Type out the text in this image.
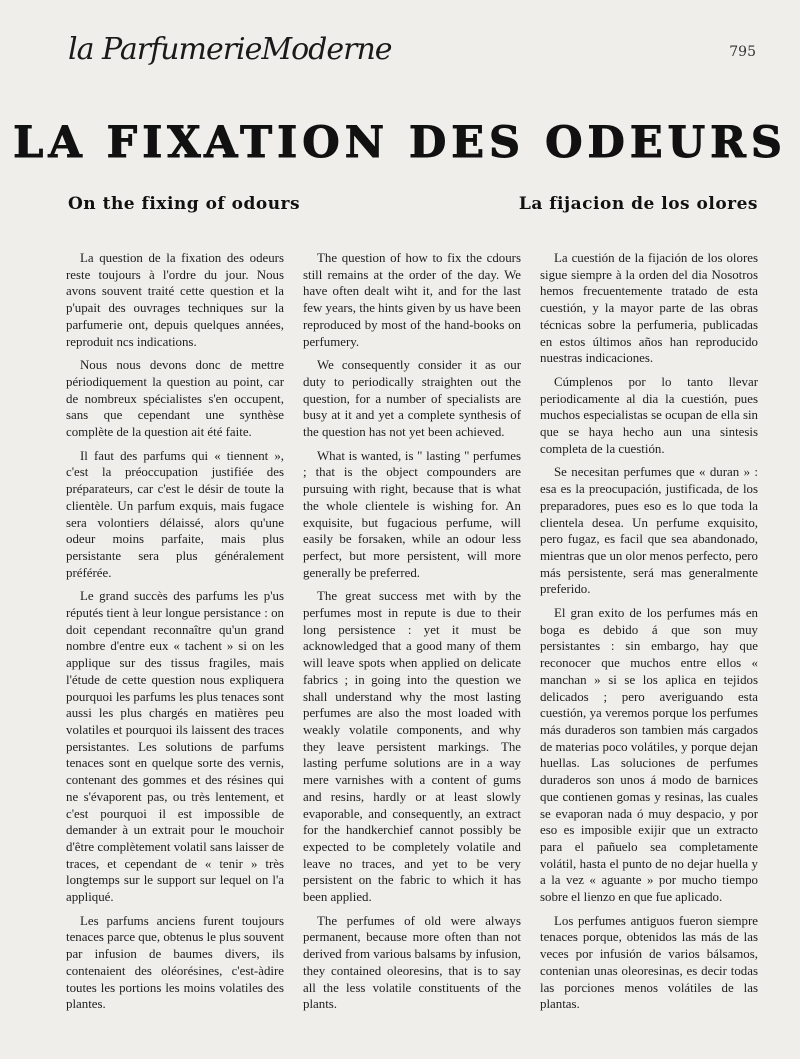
la ParfumerieModerne	795
LA FIXATION DES ODEURS
On the fixing of odours	La fijacion de los olores

La question de la fixation des odeurs reste toujours à l'ordre du jour. Nous avons souvent traité cette question et la p'upait des ouvrages techniques sur la parfumerie ont, depuis quelques années, reproduit ncs indications.

Nous nous devons donc de mettre périodiquement la question au point, car de nombreux spécialistes s'en occupent, sans que cependant une synthèse complète de la question ait été faite.

Il faut des parfums qui « tiennent », c'est la préoccupation justifiée des préparateurs, car c'est le désir de toute la clientèle. Un parfum exquis, mais fugace sera volontiers délaissé, alors qu'une odeur moins parfaite, mais plus persistante sera plus généralement préférée.

Le grand succès des parfums les p'us réputés tient à leur longue persistance : on doit cependant reconnaître qu'un grand nombre d'entre eux « tachent » si on les applique sur des tissus fragiles, mais l'étude de cette question nous expliquera pourquoi les parfums les plus tenaces sont aussi les plus chargés en matières peu volatiles et pourquoi ils laissent des traces persistantes. Les solutions de parfums tenaces sont en quelque sorte des vernis, contenant des gommes et des résines qui ne s'évaporent pas, ou très lentement, et c'est pourquoi il est impossible de demander à un extrait pour le mouchoir d'être complètement volatil sans laisser de traces, et cependant de « tenir » très longtemps sur le support sur lequel on l'a appliqué.

Les parfums anciens furent toujours tenaces parce que, obtenus le plus souvent par infusion de baumes divers, ils contenaient des oléorésines, c'est-àdire toutes les portions les moins volatiles des plantes.

The question of how to fix the cdours still remains at the order of the day. We have often dealt wiht it, and for the last few years, the hints given by us have been reproduced by most of the hand-books on perfumery.

We consequently consider it as our duty to periodically straighten out the question, for a number of specialists are busy at it and yet a complete synthesis of the question has not yet been achieved.

What is wanted, is " lasting " perfumes ; that is the object compounders are pursuing with right, because that is what the whole clientele is wishing for. An exquisite, but fugacious perfume, will easily be forsaken, while an odour less perfect, but more persistent, will more generally be preferred.

The great success met with by the perfumes most in repute is due to their long persistence : yet it must be acknowledged that a good many of them will leave spots when applied on delicate fabrics ; in going into the question we shall understand why the most lasting perfumes are also the most loaded with weakly volatile components, and why they leave persistent markings. The lasting perfume solutions are in a way mere varnishes with a content of gums and resins, hardly or at least slowly evaporable, and consequently, an extract for the handkerchief cannot possibly be expected to be completely volatile and leave no traces, and yet to be very persistent on the fabric to which it has been applied.

The perfumes of old were always permanent, because more often than not derived from various balsams by infusion, they contained oleoresins, that is to say all the less volatile constituents of the plants.

La cuestión de la fijación de los olores sigue siempre à la orden del dia Nosotros hemos frecuentemente tratado de esta cuestión, y la mayor parte de las obras técnicas sobre la perfumeria, publicadas en estos últimos años han reproducido nuestras indicaciones.

Cúmplenos por lo tanto llevar periodicamente al dia la cuestión, pues muchos especialistas se ocupan de ella sin que se haya hecho aun una sintesis completa de la cuestión.

Se necesitan perfumes que « duran » : esa es la preocupación, justificada, de los preparadores, pues eso es lo que toda la clientela desea. Un perfume exquisito, pero fugaz, es facil que sea abandonado, mientras que un olor menos perfecto, pero más persistente, será mas generalmente preferido.

El gran exito de los perfumes más en boga es debido á que son muy persistantes : sin embargo, hay que reconocer que muchos entre ellos « manchan » si se los aplica en tejidos delicados ; pero averiguando esta cuestión, ya veremos porque los perfumes más duraderos son tambien más cargados de materias poco volátiles, y porque dejan huellas. Las soluciones de perfumes duraderos son unos á modo de barnices que contienen gomas y resinas, las cuales se evaporan nada ó muy despacio, y por eso es imposible exijir que un extracto para el pañuelo sea completamente volátil, hasta el punto de no dejar huella y a la vez « aguante » por mucho tiempo sobre el lienzo en que fue aplicado.

Los perfumes antiguos fueron siempre tenaces porque, obtenidos las más de las veces por infusión de varios bálsamos, contenian unas oleoresinas, es decir todas las porciones menos volátiles de las plantas.
